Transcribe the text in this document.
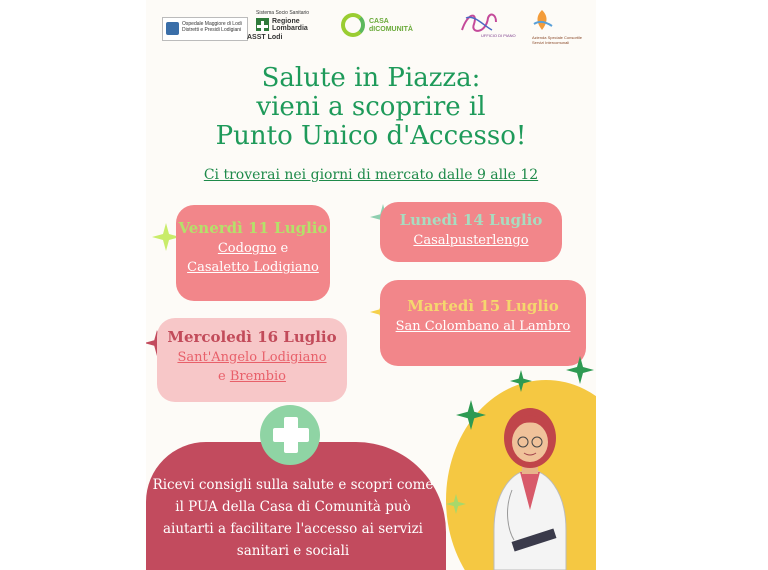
Ospedale Maggiore di Lodi Distretti e Presidi Lodigiani
Sistema Socio Sanitario
Regione Lombardia
ASST Lodi
CASA dICOMUNITÀ
UFFICIO DI PIANO	Azienda Speciale Consortile Servizi Intercomunali
Salute in Piazza:
vieni a scoprire il
Punto Unico d'Accesso!
Ci troverai nei giorni di mercato dalle 9 alle 12
Venerdì 11 Luglio
Codogno e
Casaletto Lodigiano
Lunedì 14 Luglio
Casalpusterlengo
Martedì 15 Luglio
San Colombano al Lambro
Mercoledì 16 Luglio
Sant'Angelo Lodigiano
e Brembio
Ricevi consigli sulla salute e scopri come il PUA della Casa di Comunità può aiutarti a facilitare l'accesso ai servizi sanitari e sociali
